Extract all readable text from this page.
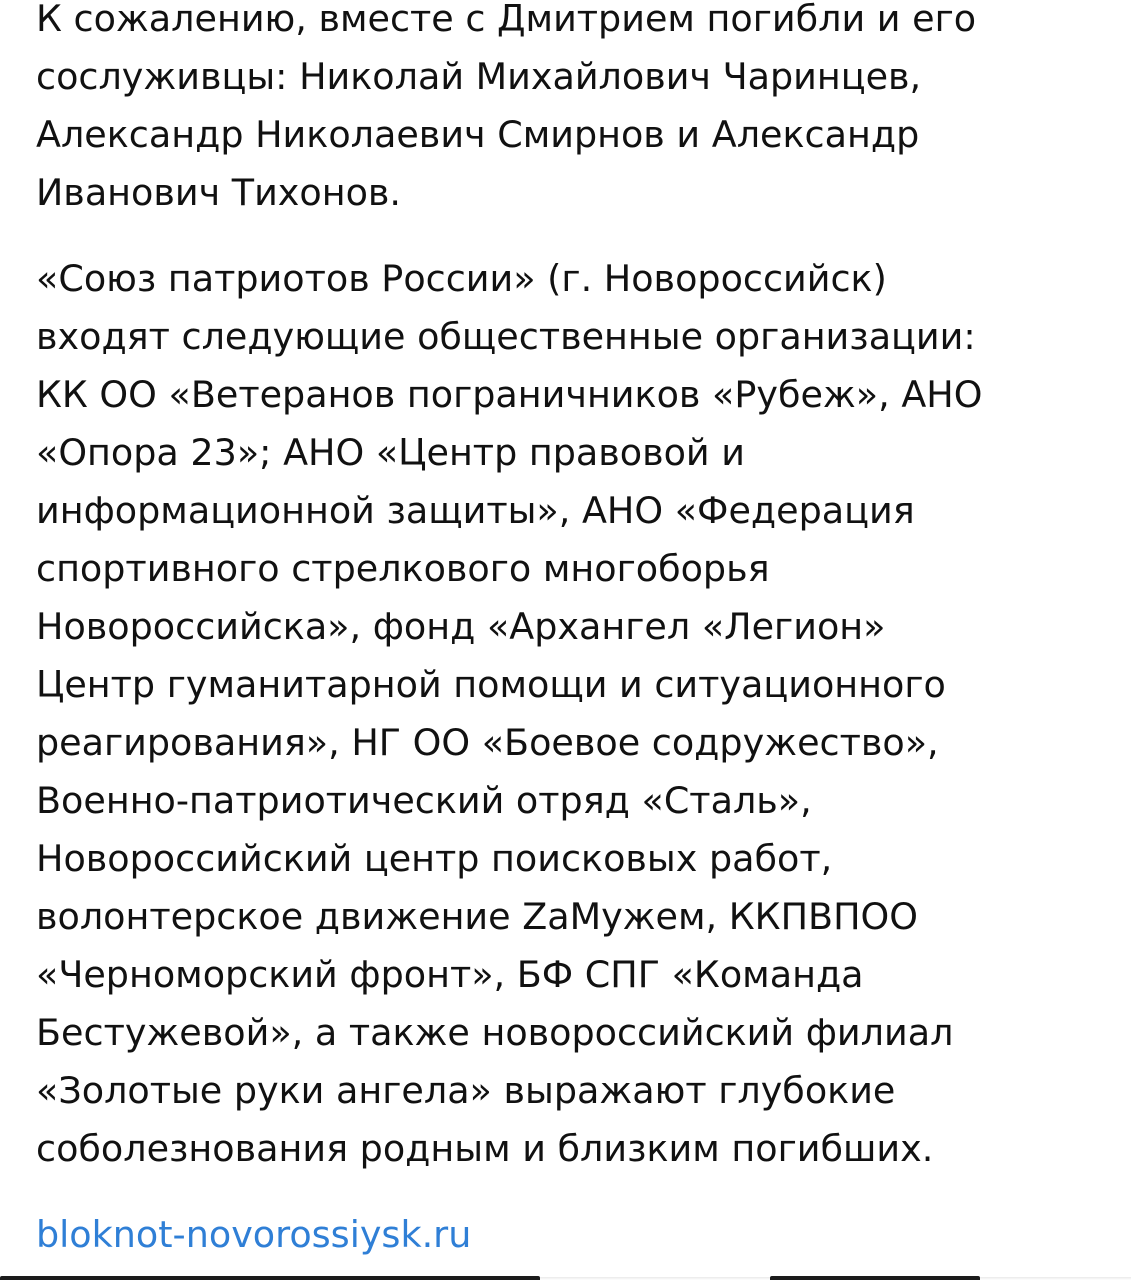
К сожалению, вместе с Дмитрием погибли и его
сослуживцы: Николай Михайлович Чаринцев,
Александр Николаевич Смирнов и Александр
Иванович Тихонов.

«Союз патриотов России» (г. Новороссийск)
входят следующие общественные организации:
КК ОО «Ветеранов пограничников «Рубеж», АНО
«Опора 23»; АНО «Центр правовой и
информационной защиты», АНО «Федерация
спортивного стрелкового многоборья
Новороссийска», фонд «Архангел «Легион»
Центр гуманитарной помощи и ситуационного
реагирования», НГ ОО «Боевое содружество»,
Военно-патриотический отряд «Сталь»,
Новороссийский центр поисковых работ,
волонтерское движение ZaМужем, ККПВПОО
«Черноморский фронт», БФ СПГ «Команда
Бестужевой», а также новороссийский филиал
«Золотые руки ангела» выражают глубокие
соболезнования родным и близким погибших.

bloknot-novorossiysk.ru
